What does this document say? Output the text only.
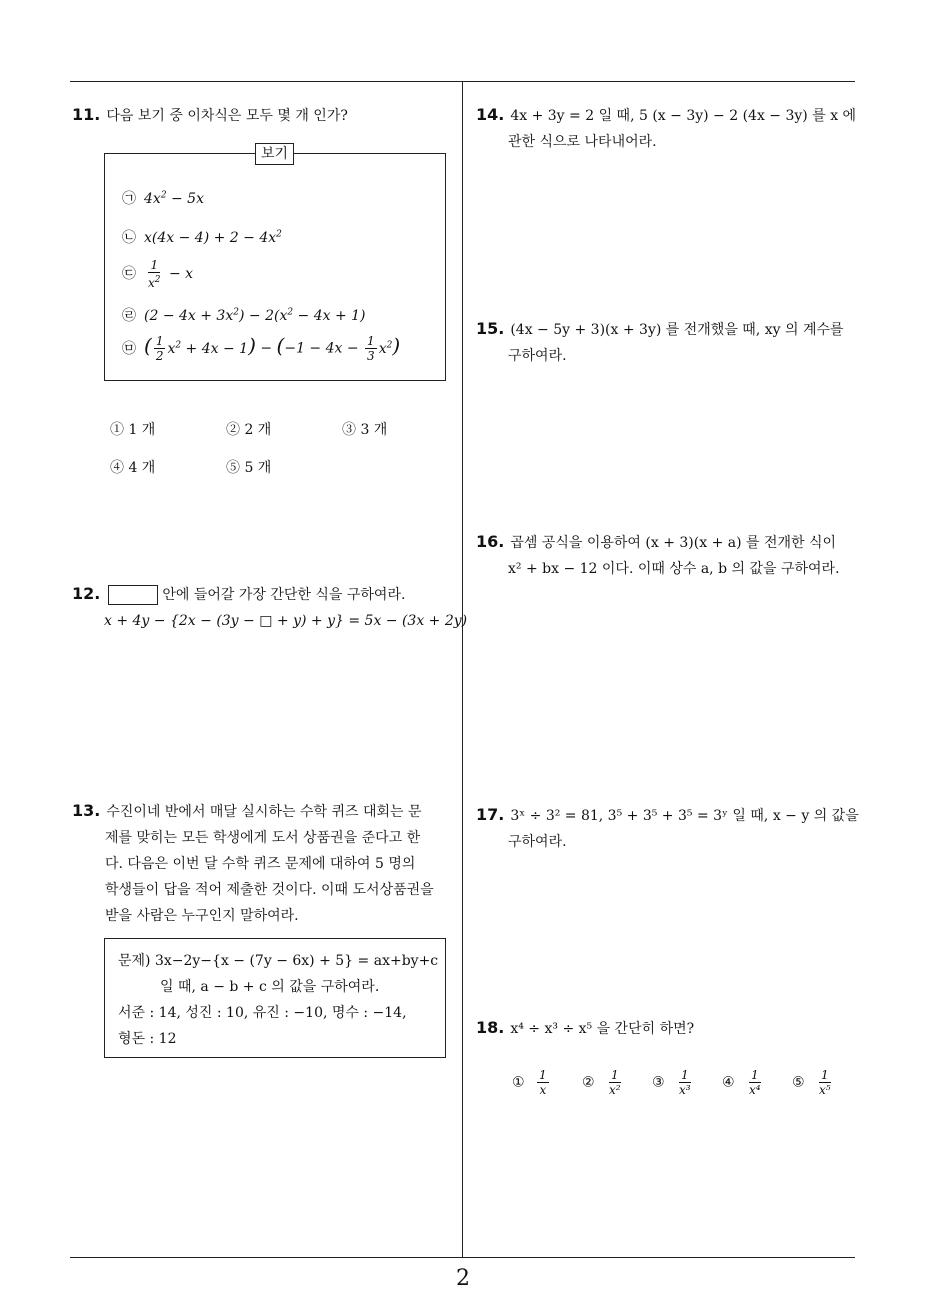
11. 다음 보기 중 이차식은 모두 몇 개 인가?
보기
㉠ $4x^2 - 5x$
㉡ $x(4x - 4) + 2 - 4x^2$
㉢ $\frac{1}{x^2} - x$
㉣ $(2 - 4x + 3x^2) - 2(x^2 - 4x + 1)$
㉤ ( $\frac{1}{2} x^2 + 4x - 1) - (-1 - 4x - \frac{1}{3} x^2)$
① 1 개	② 2 개	③ 3 개
④ 4 개	⑤ 5 개
12.	안에 들어갈 가장 간단한 식을 구하여라.
x + 4y − {2x − (3y − □ + y) + y} = 5x − (3x + 2y)
13. 수진이네 반에서 매달 실시하는 수학 퀴즈 대회는 문
제를 맞히는 모든 학생에게 도서 상품권을 준다고 한
다. 다음은 이번 달 수학 퀴즈 문제에 대하여 5 명의
학생들이 답을 적어 제출한 것이다. 이때 도서상품권을
받을 사람은 누구인지 말하여라.
문제) 3x−2y−{x − (7y − 6x) + 5} = ax+by+c
일 때, a − b + c 의 값을 구하여라.
서준 : 14, 성진 : 10, 유진 : −10, 명수 : −14,
형돈 : 12
14. 4x + 3y = 2 일 때, 5 (x − 3y) − 2 (4x − 3y) 를 x 에
관한 식으로 나타내어라.
15. (4x − 5y + 3)(x + 3y) 를 전개했을 때, xy 의 계수를
구하여라.
16. 곱셈 공식을 이용하여 (x + 3)(x + a) 를 전개한 식이
x² + bx − 12 이다. 이때 상수 a, b 의 값을 구하여라.
17. 3ˣ ÷ 3² = 81, 3⁵ + 3⁵ + 3⁵ = 3ʸ 일 때, x − y 의 값을
구하여라.
18. x⁴ ÷ x³ ÷ x⁵ 을 간단히 하면?
① $\frac{1}{x}$ ② $\frac{1}{\text{x²}}$ ③ $\frac{1}{\text{x³}}$ ④ $\frac{1}{\text{x⁴}}$ ⑤ $\frac{1}{\text{x⁵}}$
2
